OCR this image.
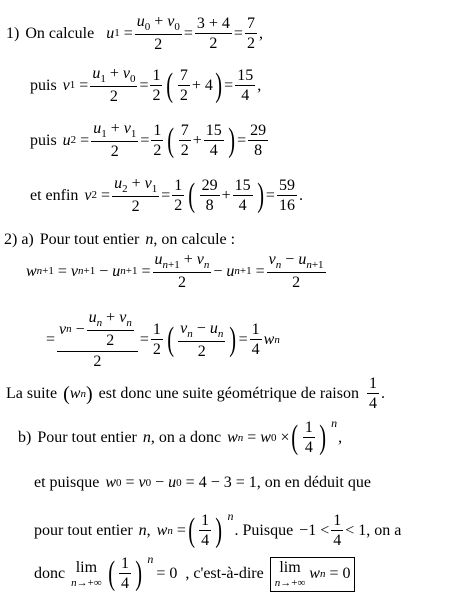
1) On calcule u $1 = \frac{u_0 + v_0}{2} = \frac{3 + 4}{2} = \frac{7}{2}$ ,
puis v $1 = \frac{u_1 + v_0}{2} = \frac{1}{2}$ ( $\frac{7}{2} + 4$ ) = $\frac{15}{4}$ ,
puis u $2 = \frac{u_1 + v_1}{2} = \frac{1}{2}$ ( $\frac{7}{2} + \frac{15}{4}$ ) = $\frac{29}{8}$
et enfin v $2 = \frac{u_2 + v_1}{2} = \frac{1}{2}$ ( $\frac{29}{8} + \frac{15}{4}$ ) = $\frac{59}{16}$ .
2) a) Pour tout entier n , on calcule :
w n+1 = v n+1 − u $n+1 = \frac{u_{n+1} + v_n}{2} - u$ $n+1 = \frac{v_n - u_{n+1}}{2}$
= $\frac{v n - \frac{u_n + v_n}{2}}{2} = \frac{1}{2}$ ( $\frac{v_n - u_n}{2}$ ) = $\frac{1}{4}$ w n
La suite ( w n ) est donc une suite géométrique de raison $\frac{1}{4}$ .
b) Pour tout entier n , on a donc w n = w 0 × ( $\frac{1}{4}$ ) n
,
et puisque w 0 = v 0 − u 0 = 4 − 3 = 1 , on en déduit que
pour tout entier n , w n = ( $\frac{1}{4}$ ) n
. Puisque $-1 < \frac{1}{4} < 1$ , on a
donc lim
n→+∞ ( $\frac{1}{4}$ ) n
= 0 , c'est-à-dire lim
n→+∞
w n = 0
